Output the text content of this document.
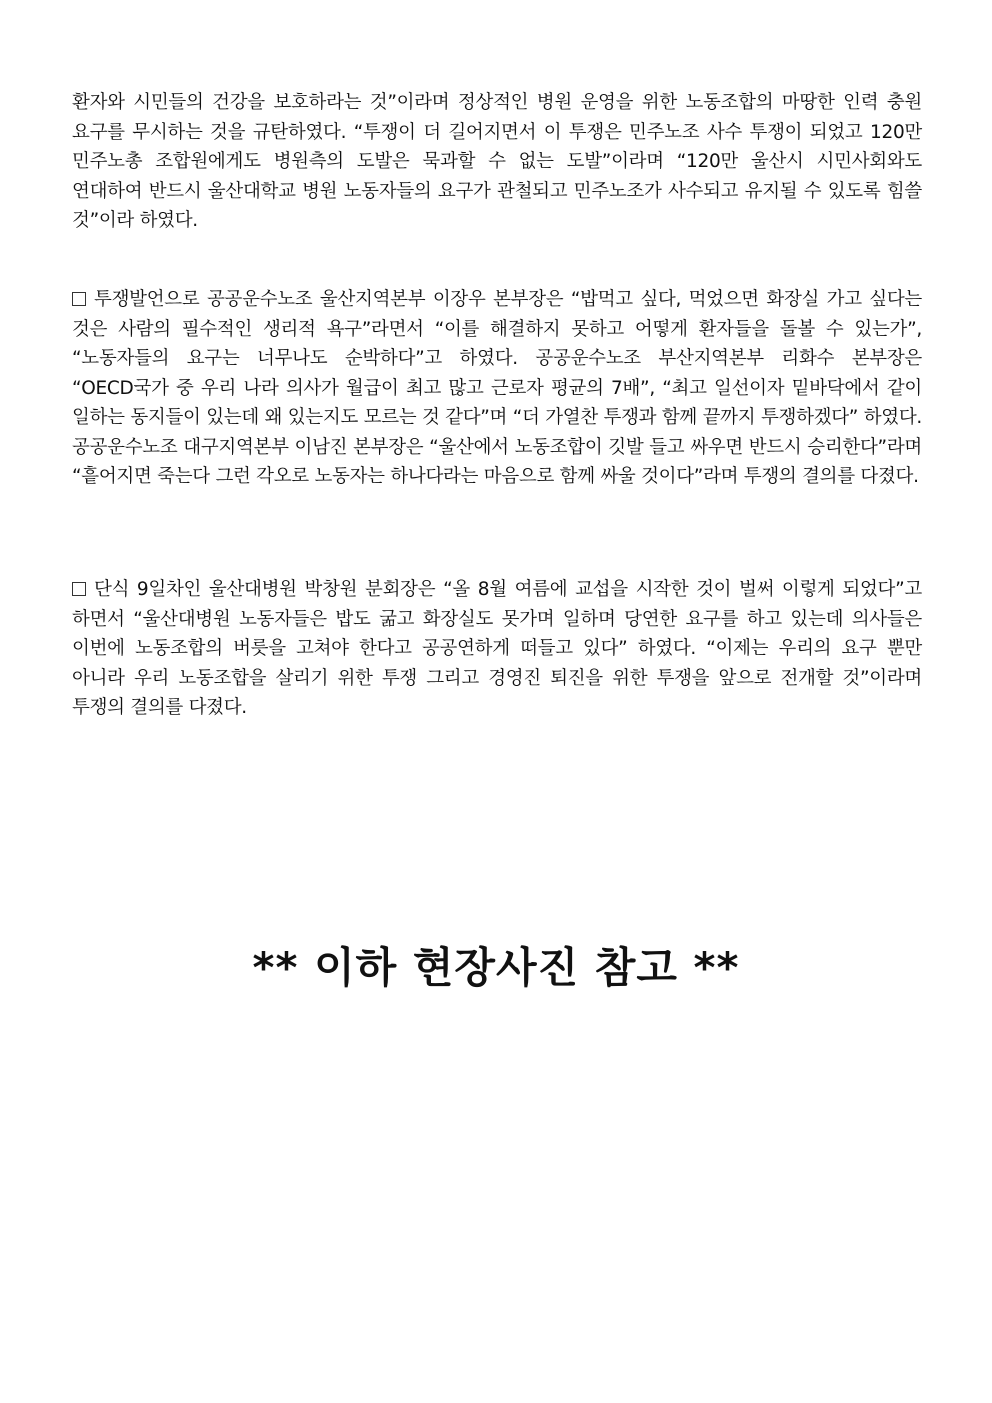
환자와 시민들의 건강을 보호하라는 것”이라며 정상적인 병원 운영을 위한 노동조합의 마땅한 인력 충원 요구를 무시하는 것을 규탄하였다. “투쟁이 더 길어지면서 이 투쟁은 민주노조 사수 투쟁이 되었고 120만 민주노총 조합원에게도 병원측의 도발은 묵과할 수 없는 도발”이라며 “120만 울산시 시민사회와도 연대하여 반드시 울산대학교 병원 노동자들의 요구가 관철되고 민주노조가 사수되고 유지될 수 있도록 힘쓸 것”이라 하였다.

투쟁발언으로 공공운수노조 울산지역본부 이장우 본부장은 “밥먹고 싶다, 먹었으면 화장실 가고 싶다는 것은 사람의 필수적인 생리적 욕구”라면서 “이를 해결하지 못하고 어떻게 환자들을 돌볼 수 있는가”, “노동자들의 요구는 너무나도 순박하다”고 하였다. 공공운수노조 부산지역본부 리화수 본부장은 “OECD국가 중 우리 나라 의사가 월급이 최고 많고 근로자 평균의 7배”, “최고 일선이자 밑바닥에서 같이 일하는 동지들이 있는데 왜 있는지도 모르는 것 같다”며 “더 가열찬 투쟁과 함께 끝까지 투쟁하겠다” 하였다. 공공운수노조 대구지역본부 이남진 본부장은 “울산에서 노동조합이 깃발 들고 싸우면 반드시 승리한다”라며 “흩어지면 죽는다 그런 각오로 노동자는 하나다라는 마음으로 함께 싸울 것이다”라며 투쟁의 결의를 다졌다.

단식 9일차인 울산대병원 박창원 분회장은 “올 8월 여름에 교섭을 시작한 것이 벌써 이렇게 되었다”고 하면서 “울산대병원 노동자들은 밥도 굶고 화장실도 못가며 일하며 당연한 요구를 하고 있는데 의사들은 이번에 노동조합의 버릇을 고쳐야 한다고 공공연하게 떠들고 있다” 하였다. “이제는 우리의 요구 뿐만 아니라 우리 노동조합을 살리기 위한 투쟁 그리고 경영진 퇴진을 위한 투쟁을 앞으로 전개할 것”이라며 투쟁의 결의를 다졌다.

** 이하 현장사진 참고 **
